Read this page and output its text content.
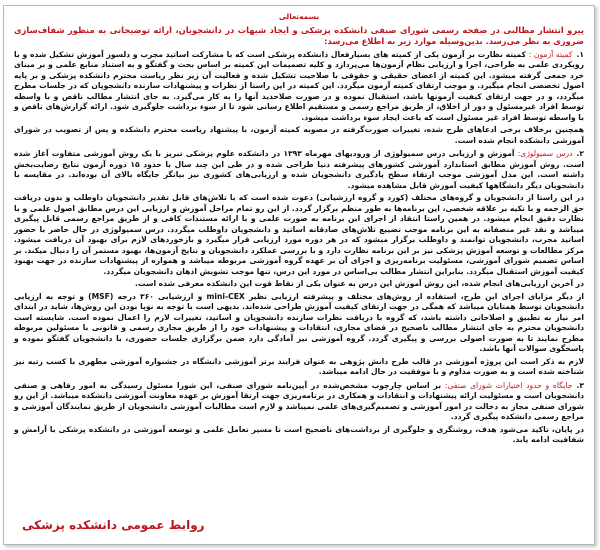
بسمه‌تعالی
پیرو انتشار مطالبی در صفحه رسمی شورای صنفی دانشکده پزشکی و ایجاد شبهات در دانشجویان، ارائه توضیحاتی به منظور شفاف‌سازی ضروری به نظر می‌رسد. بدین‌وسیله موارد زیر به اطلاع می‌رسد:

۱.کمیته آزمون : کمیته نظارت بر آزمون یکی از کمیته های بسیارفعال دانشکده پزشکی است که با مشارکت اساتید مجرب و دلسوز آموزش تشکیل شده و با رویکردی علمی به طراحی، اجرا و ارزیابی نظام آزمون‌ها می‌پردازد و کلیه تصمیمات این کمیته بر اساس بحث و گفتگو و به استناد منابع علمی و بر مبنای خرد جمعی گرفته میشود. این کمیته از اعضای حقیقی و حقوقی با صلاحیت تشکیل شده و فعالیت آن زیر نظر ریاست محترم دانشکده پزشکی و بر پایه اصول تخصصی انجام میگیرد. و موجب ارتقای کمیته آزمون میگردد. این کمیته در این راستا از نظرات و پیشنهادات سازنده دانشجویان که در جلسات مطرح میگردد، و در جهت ارتقای کیفیت آزمونها باشد، استقبال نموده و در صورت صلاحدید آنها را به کار می‌گیرد. به جای انتشار مطالب ناقص و با واسطه توسط افراد غیرمسئول و دور از اخلاق، از طریق مراجع رسمی و مستقیم اطلاع رسانی شود تا از سوء برداشت جلوگیری شود. ارائه گزارش‌های ناقص و با واسطه توسط افراد غیر مسئول است که باعث ایجاد سوء برداشت میشود.

همچنین برخلاف برخی ادعاهای طرح شده، تغییرات صورت‌گرفته در مصوبه کمیته آزمون، با پیشنهاد ریاست محترم دانشکده و پس از تصویب در شورای آموزشی دانشکده انجام شده است.

۲.درس سمیولوژی: آموزش و ارزیابی درس سمیولوژی از ورودیهای مهرماه ۱۳۹۳ در دانشکده علوم پزشکی تبریز با یک روش آموزشی متفاوت آغاز شده است. روش آموزش مطابق استاندارد آموزشی کشورهای پیشرفته دنیا طراحی شده و در طی این چند سال با حدود ۱۵ دوره آزمون نتایج رضایت‌بخش داشته است. این مدل آموزشی موجب ارتقاء سطح یادگیری دانشجویان شده و ارزیابی‌های کشوری نیز بیانگر جایگاه بالای آن بوده‌اند. در مقایسه با دانشجویان دیگر دانشگاهها کیفیت آموزش قابل مشاهده میشود.

در این راستا از دانشجویان و گروه‌های مختلف (کورد و گروه ارزشیابی) دعوت شده است که با تلاش‌های قابل تقدیر دانشجویان داوطلب و بدون دریافت حق الزحمه و با تکیه بر علاقه شخصی، این برنامه‌ها به طور منظم برگزار گردد. از این رو تمام مراحل آموزش و ارزیابی این درس مطابق اصول علمی و با نظارت دقیق انجام میشود. در همین راستا انتقاد از اجرای این برنامه به صورت علمی و با ارائه مستندات کافی و از طریق مراجع رسمی قابل پیگیری میباشد و نقد غیر منصفانه به این برنامه موجب تضییع تلاش‌های صادقانه اساتید و دانشجویان داوطلب میگردد. درس سمیولوژی در حال حاضر با حضور اساتید مجرب، دانشجویان توانمند و داوطلب برگزار میشود که در هر دوره مورد ارزیابی قرار میگیرد و بازخوردهای لازم برای بهبود آن دریافت میشود. مرکز مطالعات و توسعه آموزش پزشکی نیز بر این برنامه نظارت دارد و با بررسی عملکرد دانشجویان و نتایج آزمون‌ها، بهبود مستمر آن را دنبال میکند. بر اساس تصمیم شورای آموزشی، مسئولیت برنامه‌ریزی و اجرای آن بر عهده گروه آموزشی مربوطه میباشد و همواره از پیشنهادات سازنده در جهت بهبود کیفیت آموزش استقبال میگردد. بنابراین انتشار مطالب بی‌اساس در مورد این درس، تنها موجب تشویش اذهان دانشجویان میگردد.

در آخرین ارزیابی‌های انجام شده، این روش آموزش این درس به عنوان یکی از نقاط قوت این دانشکده معرفی شده است.

از دیگر مزایای اجرای این طرح، استفاده از روش‌های مختلف و پیشرفته ارزیابی نظیر mini-CEX و ارزشیابی ۳۶۰ درجه (MSF) و توجه به ارزیابی دانشجویان توسط همتایان میباشد که همگی در جهت ارتقای کیفیت آموزش طراحی شده‌اند. بدیهی است با توجه به نوپا بودن این روش‌ها، شاید در ابتدای امر نیاز به تطبیق و اصلاحاتی داشته باشد، که گروه با دریافت نظرات سازنده دانشجویان و اساتید، تغییرات لازم را اعمال نموده است. شایسته است دانشجویان محترم به جای انتشار مطالب ناصحیح در فضای مجازی، انتقادات و پیشنهادات خود را از طریق مجاری رسمی و قانونی با مسئولین مربوطه مطرح نمایند تا به صورت اصولی بررسی و پیگیری گردد. گروه آموزشی نیز آمادگی دارد ضمن برگزاری جلسات حضوری، با دانشجویان گفتگو نموده و پاسخگوی سوالات آنها باشد.

لازم به ذکر است این پروژه آموزشی در قالب طرح دانش پژوهی به عنوان فرایند برتر آموزشی دانشگاه در جشنواره آموزشی مطهری با کسب رتبه نیز شناخته شده است و به صورت مداوم و با موفقیت در حال ادامه میباشد.

۳.جایگاه و حدود اختیارات شورای صنفی: بر اساس چارچوب مشخص‌شده در آیین‌نامه شورای صنفی، این شورا مسئول رسیدگی به امور رفاهی و صنفی دانشجویان است و مسئولیت ارائه پیشنهادات و انتقادات و همکاری در برنامه‌ریزی جهت ارتقا آموزش بر عهده معاونت آموزشی دانشکده میباشد. از این رو شورای صنفی مجاز به دخالت در امور آموزشی و تصمیم‌گیری‌های علمی نمیباشد و لازم است مطالبات آموزشی دانشجویان از طریق نمایندگان آموزشی و مراجع رسمی دانشکده پیگیری گردد.

در پایان، تاکید می‌شود هدف، روشنگری و جلوگیری از برداشت‌های ناصحیح است تا مسیر تعامل علمی و توسعه آموزشی در دانشکده پزشکی با آرامش و شفافیت ادامه یابد.

روابط عمومی دانشکده پزشکی
